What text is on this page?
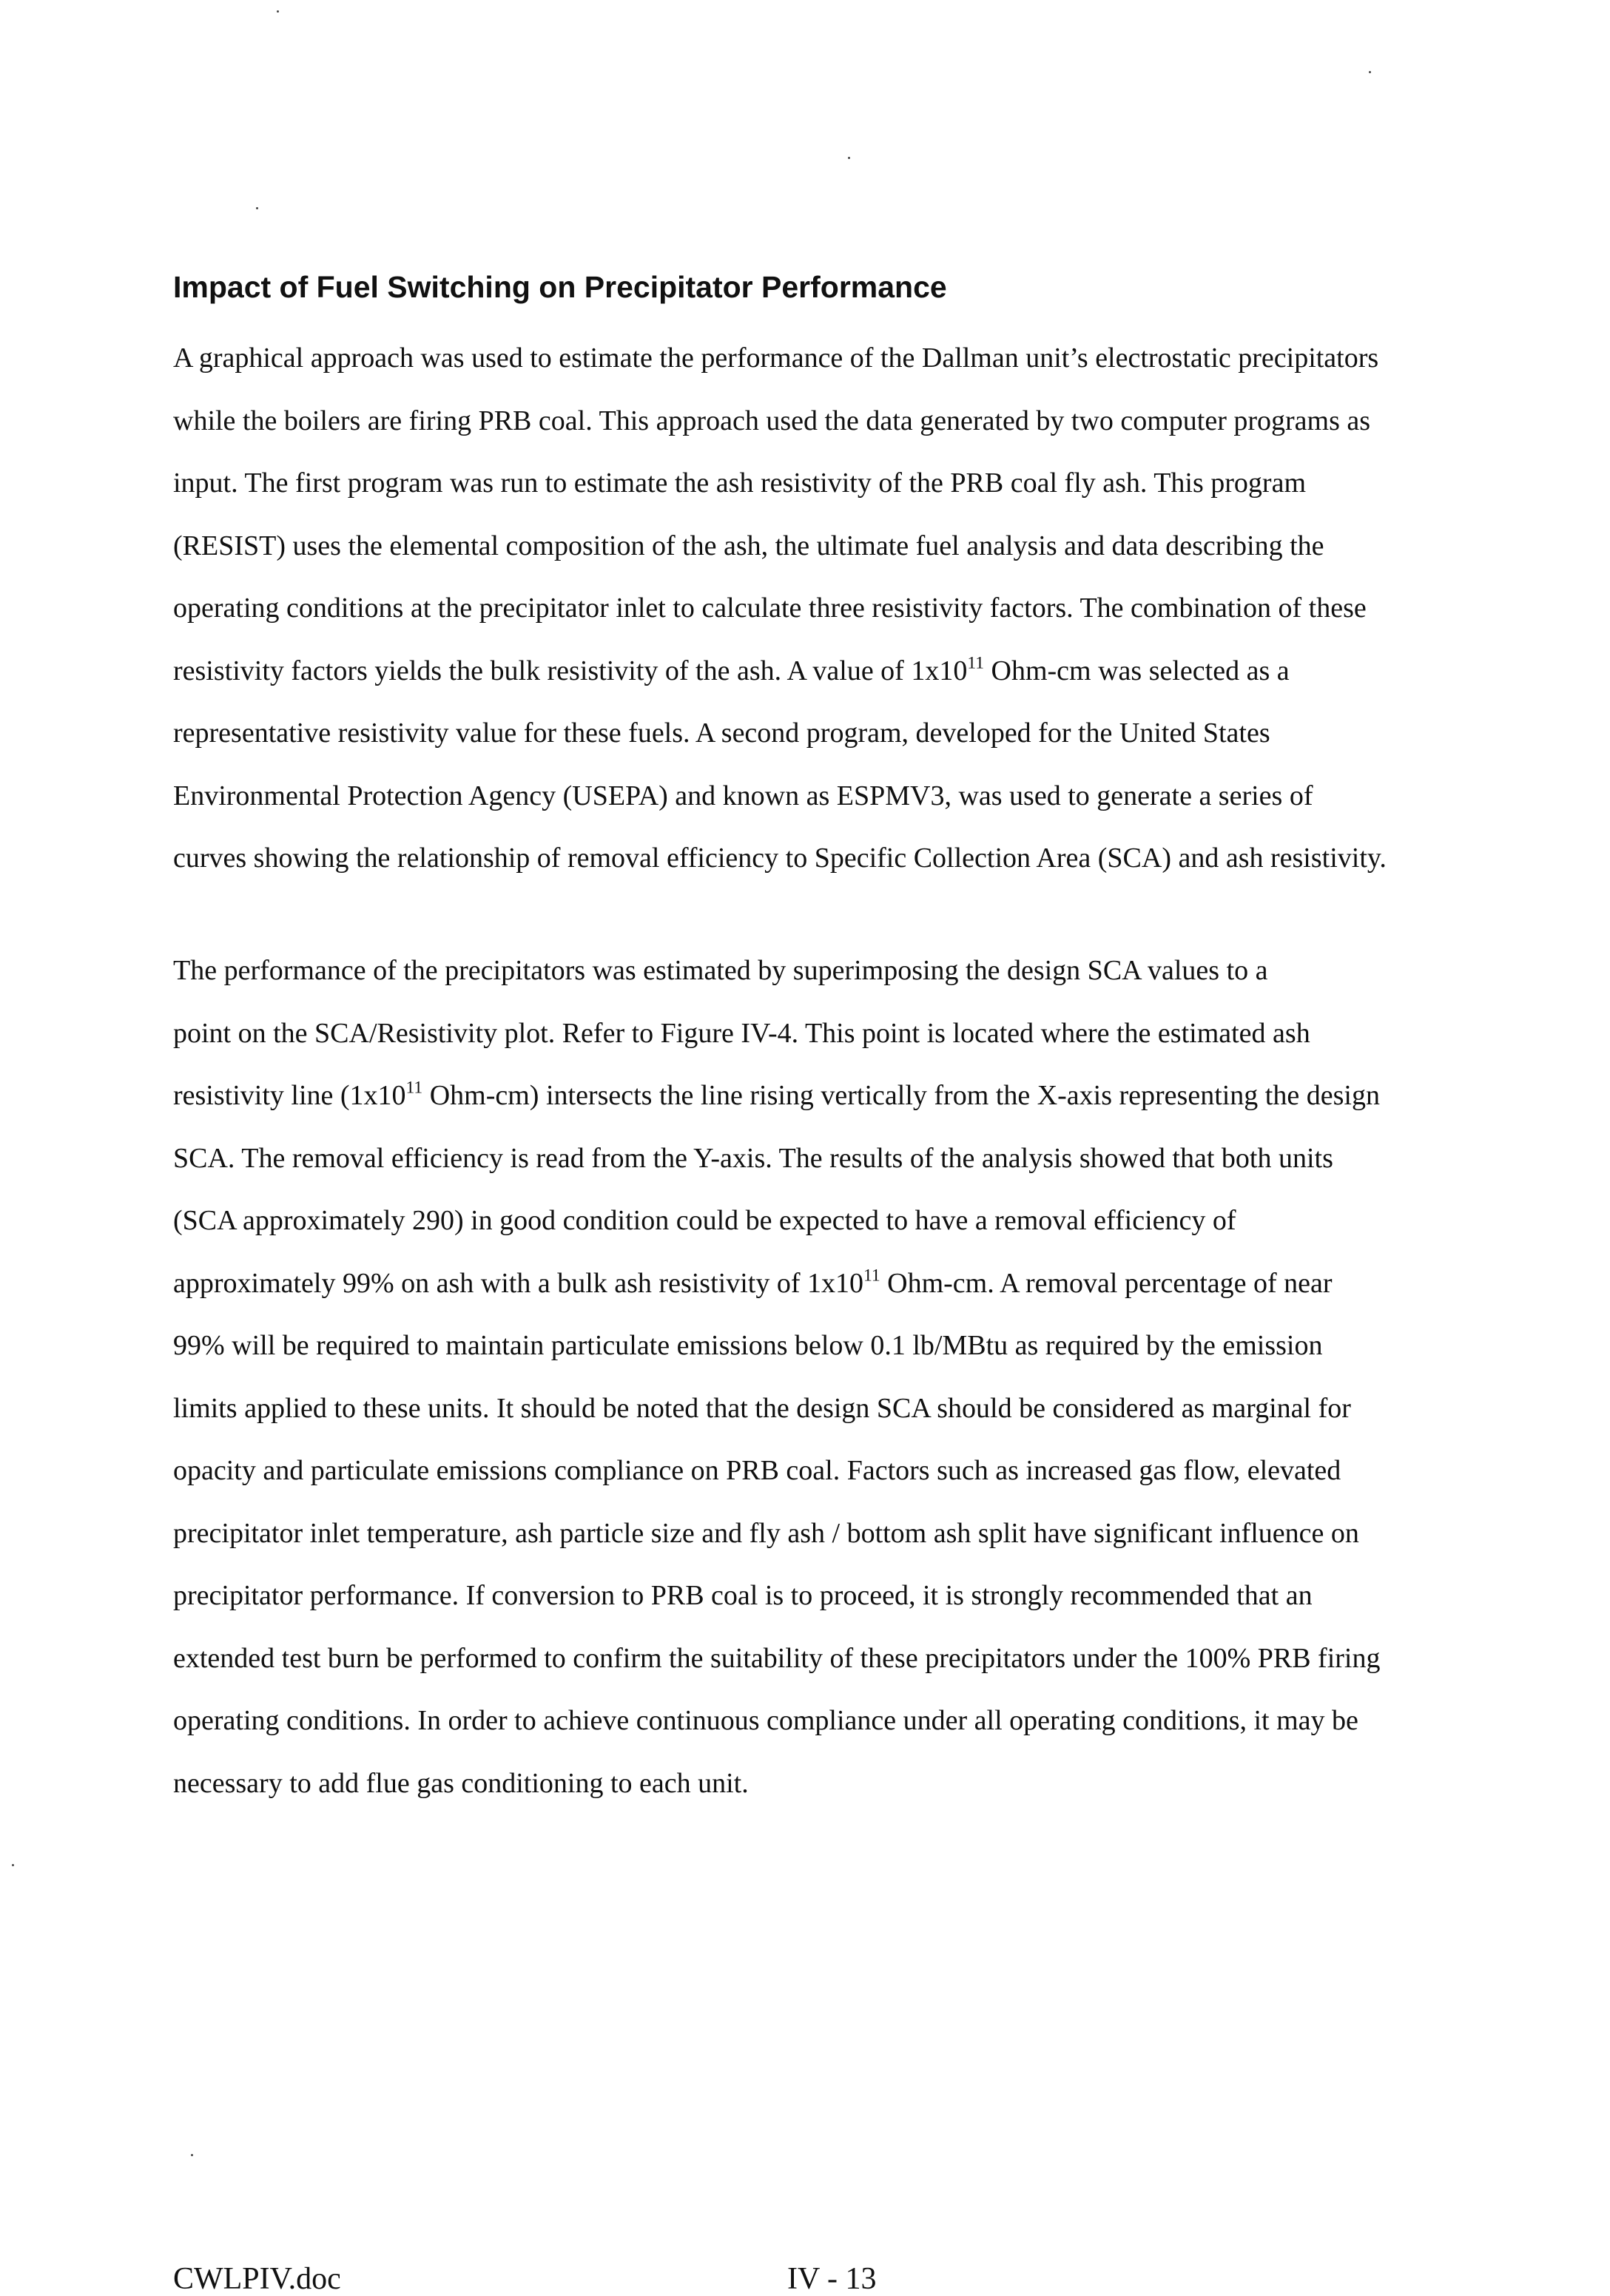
Impact of Fuel Switching on Precipitator Performance
A graphical approach was used to estimate the performance of the Dallman unit’s electrostatic precipitators
while the boilers are firing PRB coal. This approach used the data generated by two computer programs as
input. The first program was run to estimate the ash resistivity of the PRB coal fly ash. This program
(RESIST) uses the elemental composition of the ash, the ultimate fuel analysis and data describing the
operating conditions at the precipitator inlet to calculate three resistivity factors. The combination of these
resistivity factors yields the bulk resistivity of the ash. A value of $1x10^{11}$ Ohm-cm was selected as a
representative resistivity value for these fuels. A second program, developed for the United States
Environmental Protection Agency (USEPA) and known as ESPMV3, was used to generate a series of
curves showing the relationship of removal efficiency to Specific Collection Area (SCA) and ash resistivity.
The performance of the precipitators was estimated by superimposing the design SCA values to a
point on the SCA/Resistivity plot. Refer to Figure IV-4. This point is located where the estimated ash
resistivity line ($1x10^{11}$ Ohm-cm) intersects the line rising vertically from the X-axis representing the design
SCA. The removal efficiency is read from the Y-axis. The results of the analysis showed that both units
(SCA approximately 290) in good condition could be expected to have a removal efficiency of
approximately 99% on ash with a bulk ash resistivity of $1x10^{11}$ Ohm-cm. A removal percentage of near
99% will be required to maintain particulate emissions below 0.1 lb/MBtu as required by the emission
limits applied to these units. It should be noted that the design SCA should be considered as marginal for
opacity and particulate emissions compliance on PRB coal. Factors such as increased gas flow, elevated
precipitator inlet temperature, ash particle size and fly ash / bottom ash split have significant influence on
precipitator performance. If conversion to PRB coal is to proceed, it is strongly recommended that an
extended test burn be performed to confirm the suitability of these precipitators under the 100% PRB firing
operating conditions. In order to achieve continuous compliance under all operating conditions, it may be
necessary to add flue gas conditioning to each unit.
CWLPIV.doc	IV - 13
